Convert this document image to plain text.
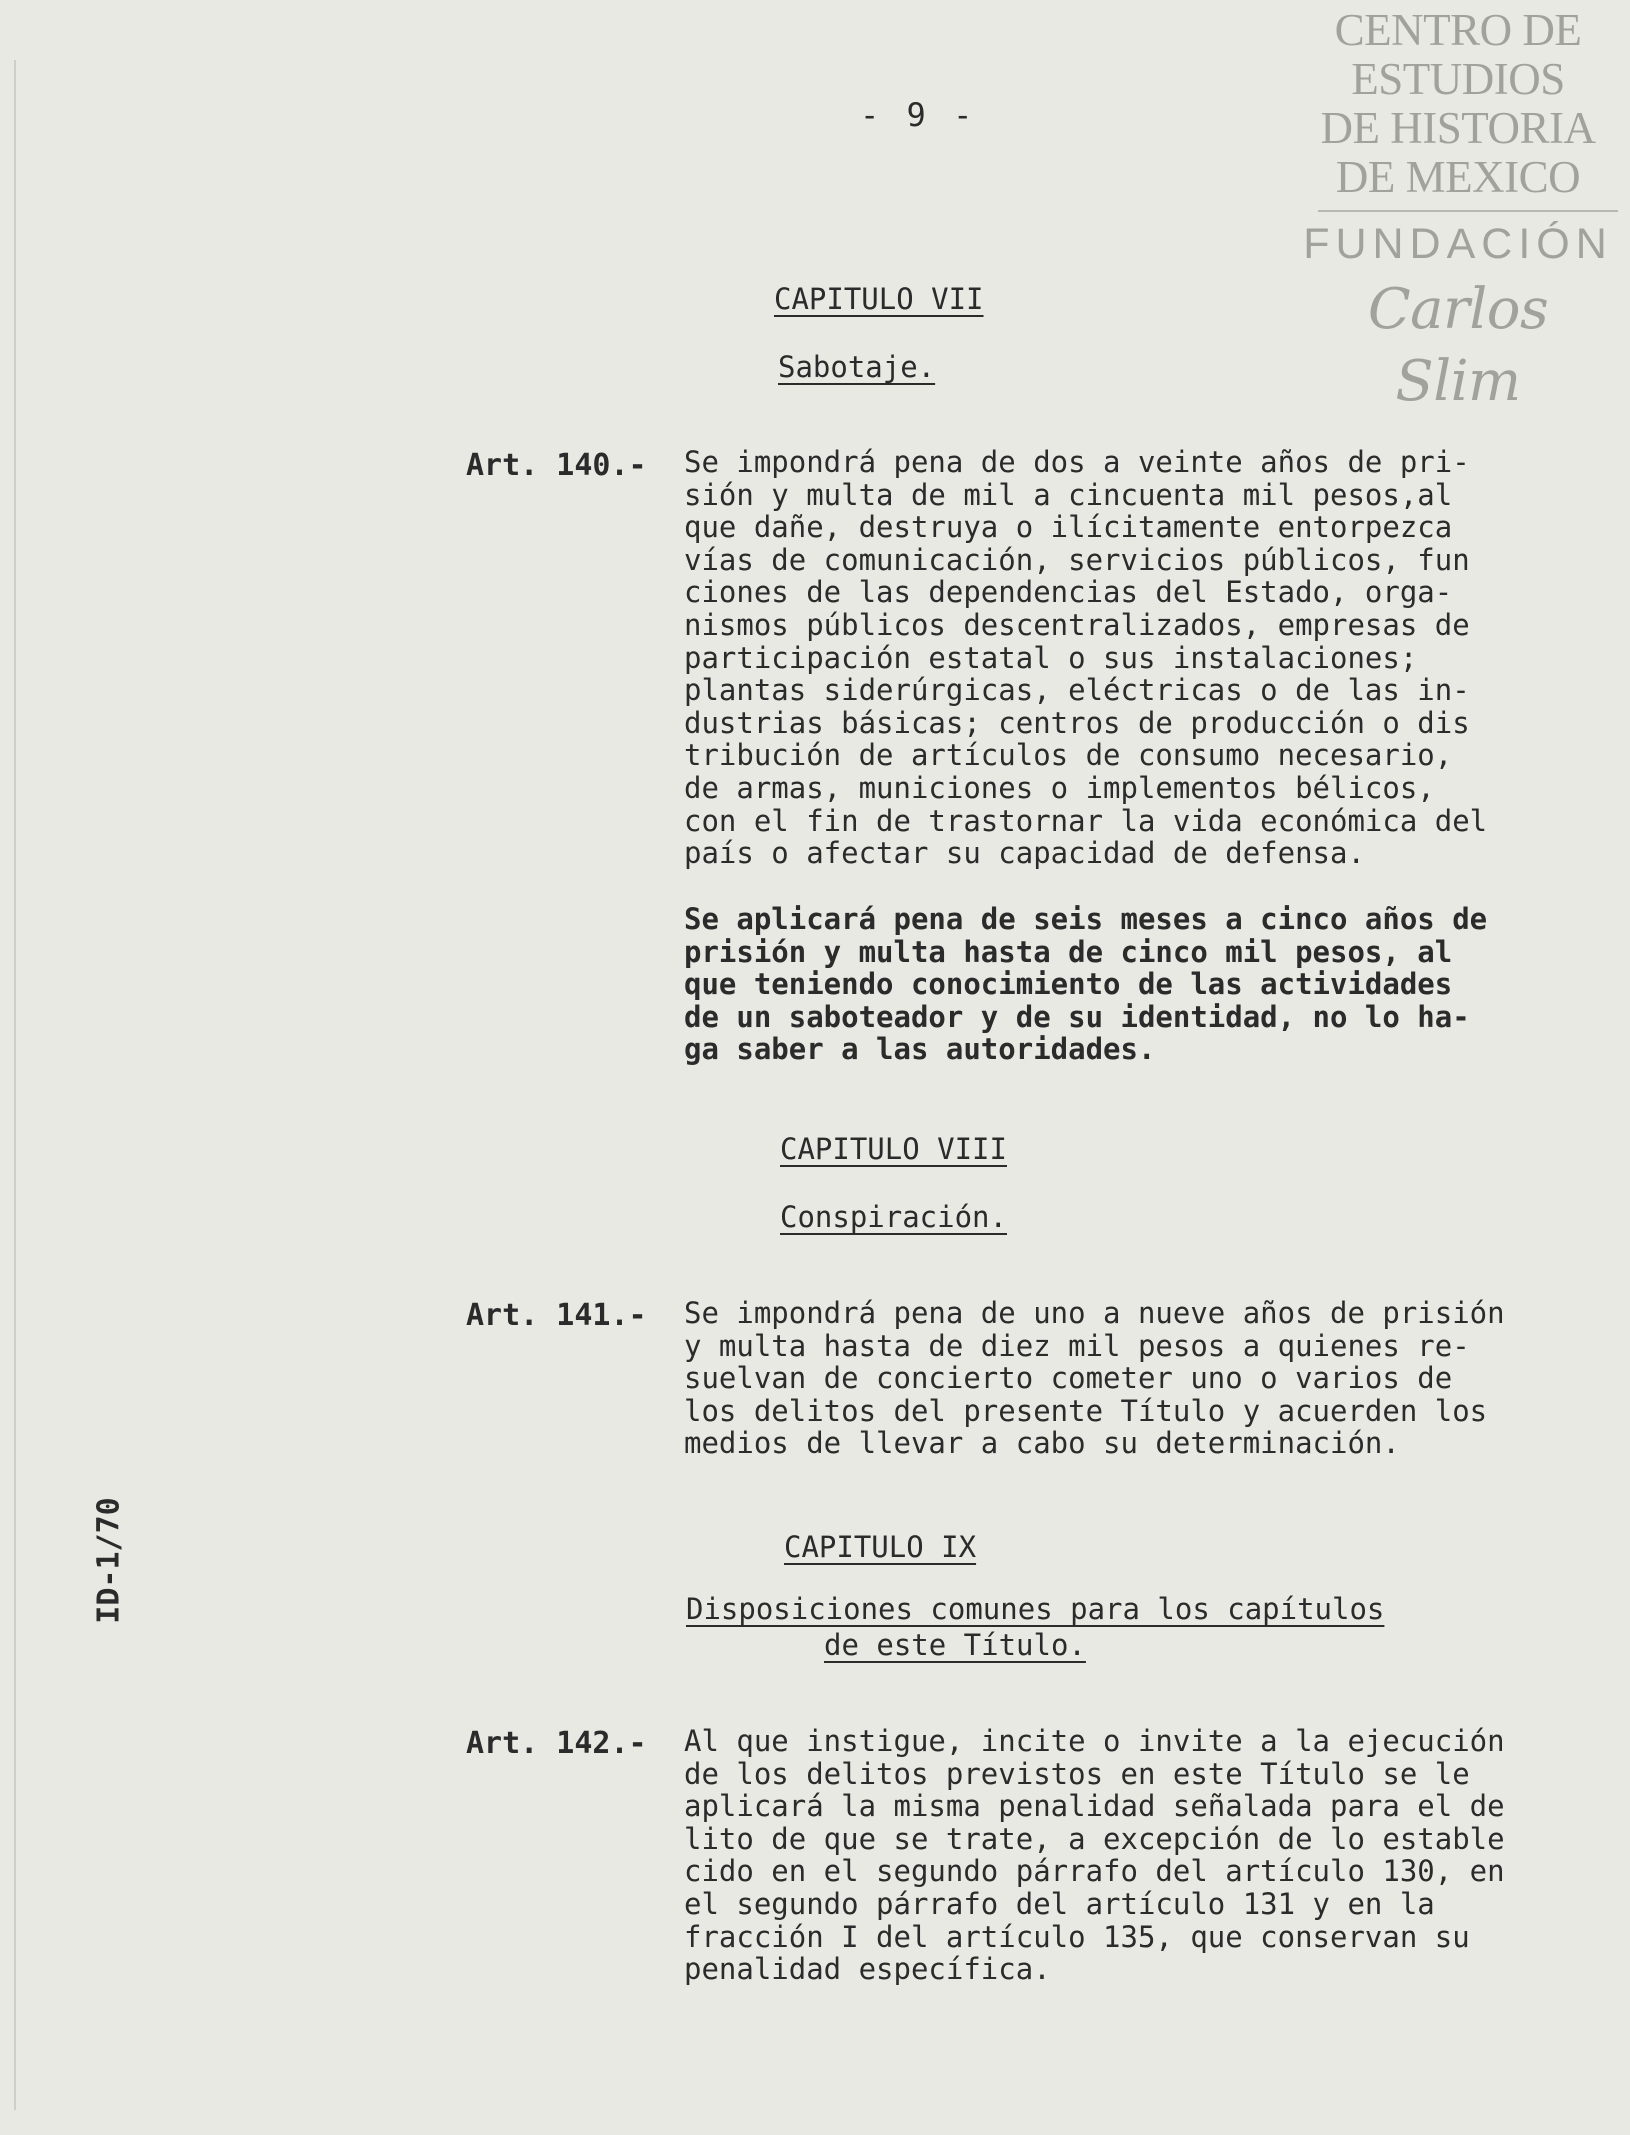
CENTRO DE
ESTUDIOS
DE HISTORIA
DE MEXICO
FUNDACIÓN
Carlos Slim
- 9 -
CAPITULO VII
Sabotaje.
Art. 140.- Se impondrá pena de dos a veinte años de pri-
sión y multa de mil a cincuenta mil pesos,al
que dañe, destruya o ilícitamente entorpezca
vías de comunicación, servicios públicos, fun
ciones de las dependencias del Estado, orga-
nismos públicos descentralizados, empresas de
participación estatal o sus instalaciones;
plantas siderúrgicas, eléctricas o de las in-
dustrias básicas; centros de producción o dis
tribución de artículos de consumo necesario,
de armas, municiones o implementos bélicos,
con el fin de trastornar la vida económica del
país o afectar su capacidad de defensa.
Se aplicará pena de seis meses a cinco años de
prisión y multa hasta de cinco mil pesos, al
que teniendo conocimiento de las actividades
de un saboteador y de su identidad, no lo ha-
ga saber a las autoridades.
CAPITULO VIII
Conspiración.
Art. 141.- Se impondrá pena de uno a nueve años de prisión
y multa hasta de diez mil pesos a quienes re-
suelvan de concierto cometer uno o varios de
los delitos del presente Título y acuerden los
medios de llevar a cabo su determinación.
CAPITULO IX
Disposiciones comunes para los capítulos
de este Título.
Art. 142.- Al que instigue, incite o invite a la ejecución
de los delitos previstos en este Título se le
aplicará la misma penalidad señalada para el de
lito de que se trate, a excepción de lo estable
cido en el segundo párrafo del artículo 130, en
el segundo párrafo del artículo 131 y en la
fracción I del artículo 135, que conservan su
penalidad específica.
ID-1/70
